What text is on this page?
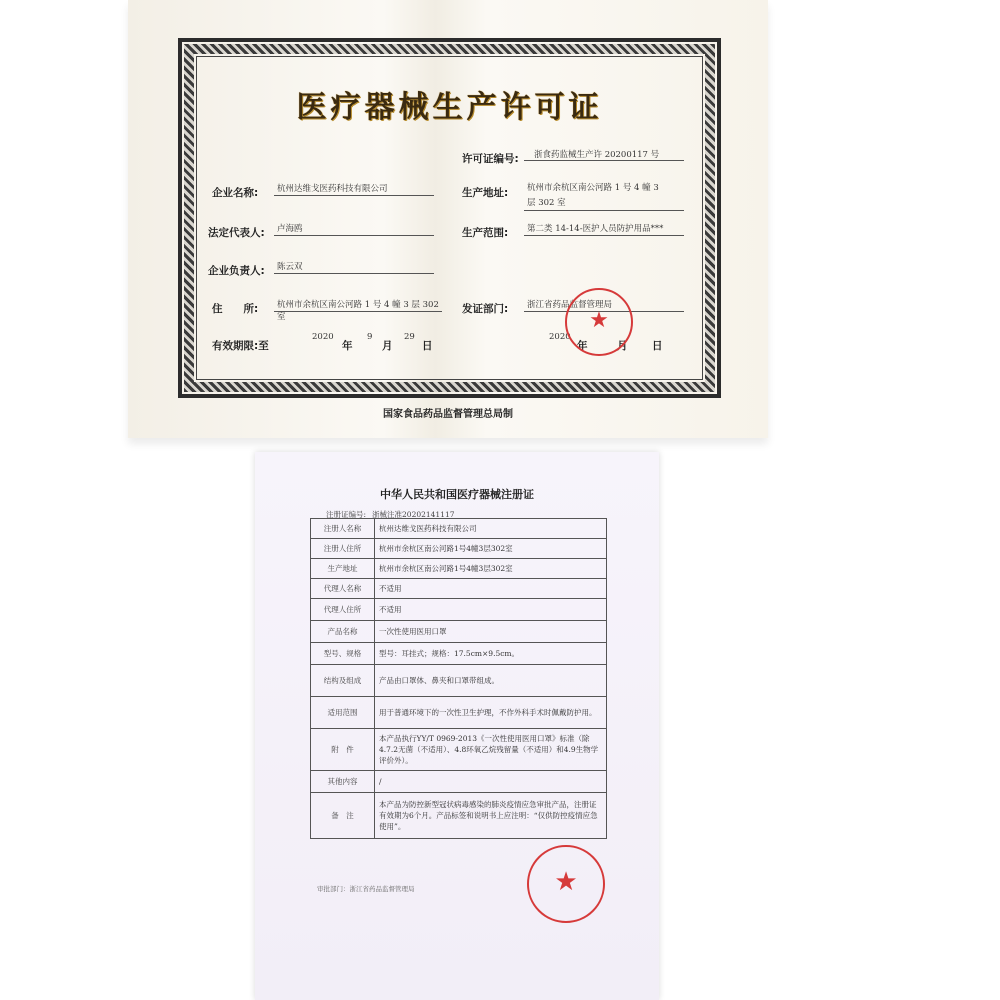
医疗器械生产许可证
许可证编号: 浙食药监械生产许 20200117 号
企业名称: 杭州达维戈医药科技有限公司
法定代表人: 卢海鸥
企业负责人: 陈云双
住　　所: 杭州市余杭区南公河路 1 号 4 幢 3 层 302 室
生产地址: 杭州市余杭区南公河路 1 号 4 幢 3 层 302 室
生产范围: 第二类 14-14-医护人员防护用品***
发证部门: 浙江省药品监督管理局
有效期限:至
2020
年
9
月
29
日
2020
年	月 日
★
国家食品药品监督管理总局制
中华人民共和国医疗器械注册证
注册证编号: 浙械注准20202141117
注册人名称	杭州达维戈医药科技有限公司
注册人住所	杭州市余杭区南公河路1号4幢3层302室
生产地址	杭州市余杭区南公河路1号4幢3层302室
代理人名称	不适用
代理人住所	不适用
产品名称	一次性使用医用口罩
型号、规格	型号：耳挂式；规格：17.5cm×9.5cm。
结构及组成	产品由口罩体、鼻夹和口罩带组成。
适用范围	用于普通环境下的一次性卫生护理，不作外科手术时佩戴防护用。
附　件	本产品执行YY/T 0969-2013《一次性使用医用口罩》标准（除4.7.2无菌（不适用）、4.8环氧乙烷残留量（不适用）和4.9生物学评价外）。
其他内容	/
备　注	本产品为防控新型冠状病毒感染的肺炎疫情应急审批产品，注册证有效期为6个月。产品标签和说明书上应注明：“仅供防控疫情应急使用”。
审批部门：浙江省药品监督管理局	★
